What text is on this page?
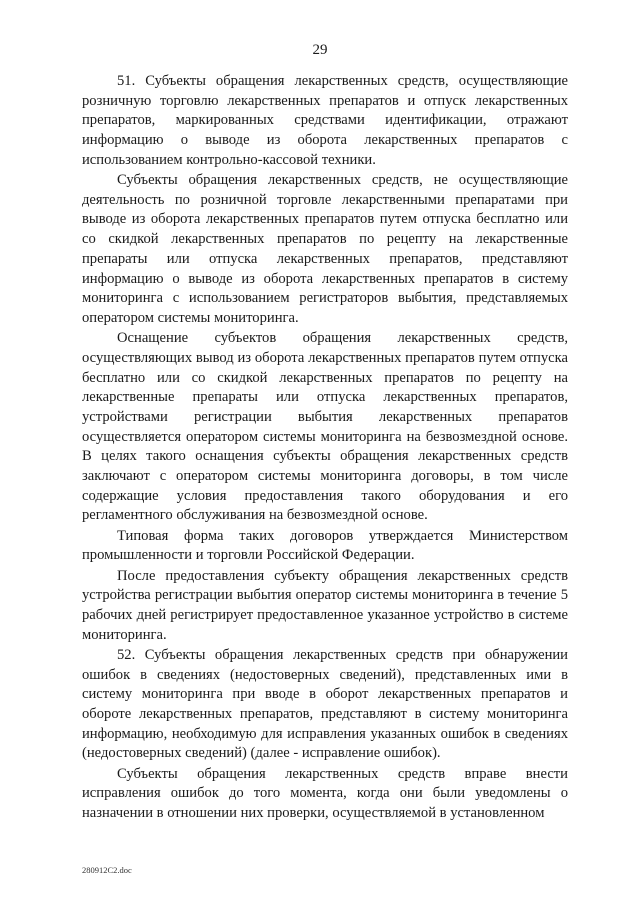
29

51. Субъекты обращения лекарственных средств, осуществляющие розничную торговлю лекарственных препаратов и отпуск лекарственных препаратов, маркированных средствами идентификации, отражают информацию о выводе из оборота лекарственных препаратов с использованием контрольно-кассовой техники.

Субъекты обращения лекарственных средств, не осуществляющие деятельность по розничной торговле лекарственными препаратами при выводе из оборота лекарственных препаратов путем отпуска бесплатно или со скидкой лекарственных препаратов по рецепту на лекарственные препараты или отпуска лекарственных препаратов, представляют информацию о выводе из оборота лекарственных препаратов в систему мониторинга с использованием регистраторов выбытия, представляемых оператором системы мониторинга.

Оснащение субъектов обращения лекарственных средств, осуществляющих вывод из оборота лекарственных препаратов путем отпуска бесплатно или со скидкой лекарственных препаратов по рецепту на лекарственные препараты или отпуска лекарственных препаратов, устройствами регистрации выбытия лекарственных препаратов осуществляется оператором системы мониторинга на безвозмездной основе. В целях такого оснащения субъекты обращения лекарственных средств заключают с оператором системы мониторинга договоры, в том числе содержащие условия предоставления такого оборудования и его регламентного обслуживания на безвозмездной основе.

Типовая форма таких договоров утверждается Министерством промышленности и торговли Российской Федерации.

После предоставления субъекту обращения лекарственных средств устройства регистрации выбытия оператор системы мониторинга в течение 5 рабочих дней регистрирует предоставленное указанное устройство в системе мониторинга.

52. Субъекты обращения лекарственных средств при обнаружении ошибок в сведениях (недостоверных сведений), представленных ими в систему мониторинга при вводе в оборот лекарственных препаратов и обороте лекарственных препаратов, представляют в систему мониторинга информацию, необходимую для исправления указанных ошибок в сведениях (недостоверных сведений) (далее - исправление ошибок).

Субъекты обращения лекарственных средств вправе внести исправления ошибок до того момента, когда они были уведомлены о назначении в отношении них проверки, осуществляемой в установленном

280912C2.doc
